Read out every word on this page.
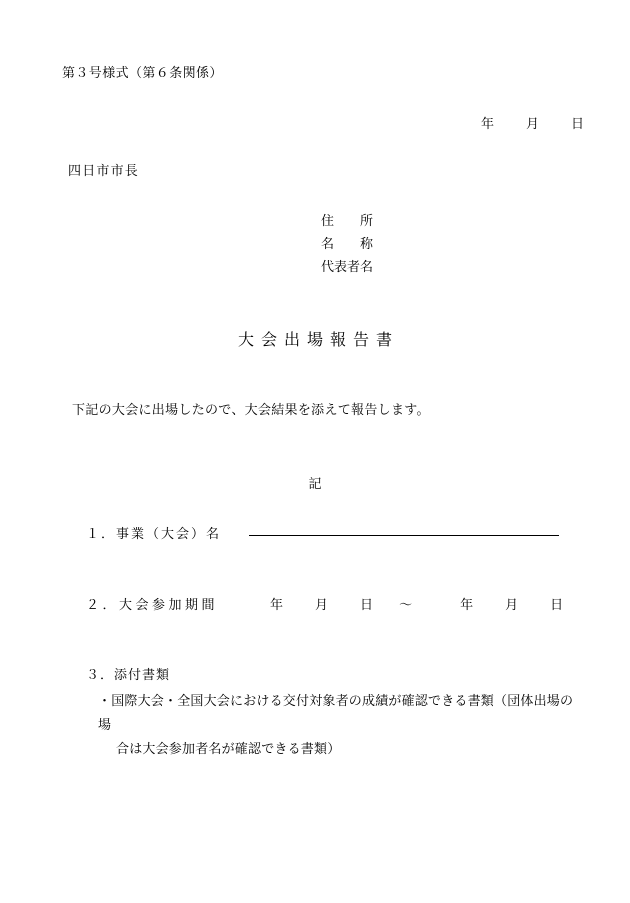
第３号様式（第６条関係）
年 月 日
四日市市長
住　　所
名　　称
代表者名
大会出場報告書
下記の大会に出場したので、大会結果を添えて報告します。
記
１．事業（大会）名
２．大会参加期間	年 月 日 ～	年 月 日
３．添付書類
・国際大会・全国大会における交付対象者の成績が確認できる書類（団体出場の場
合は大会参加者名が確認できる書類）
